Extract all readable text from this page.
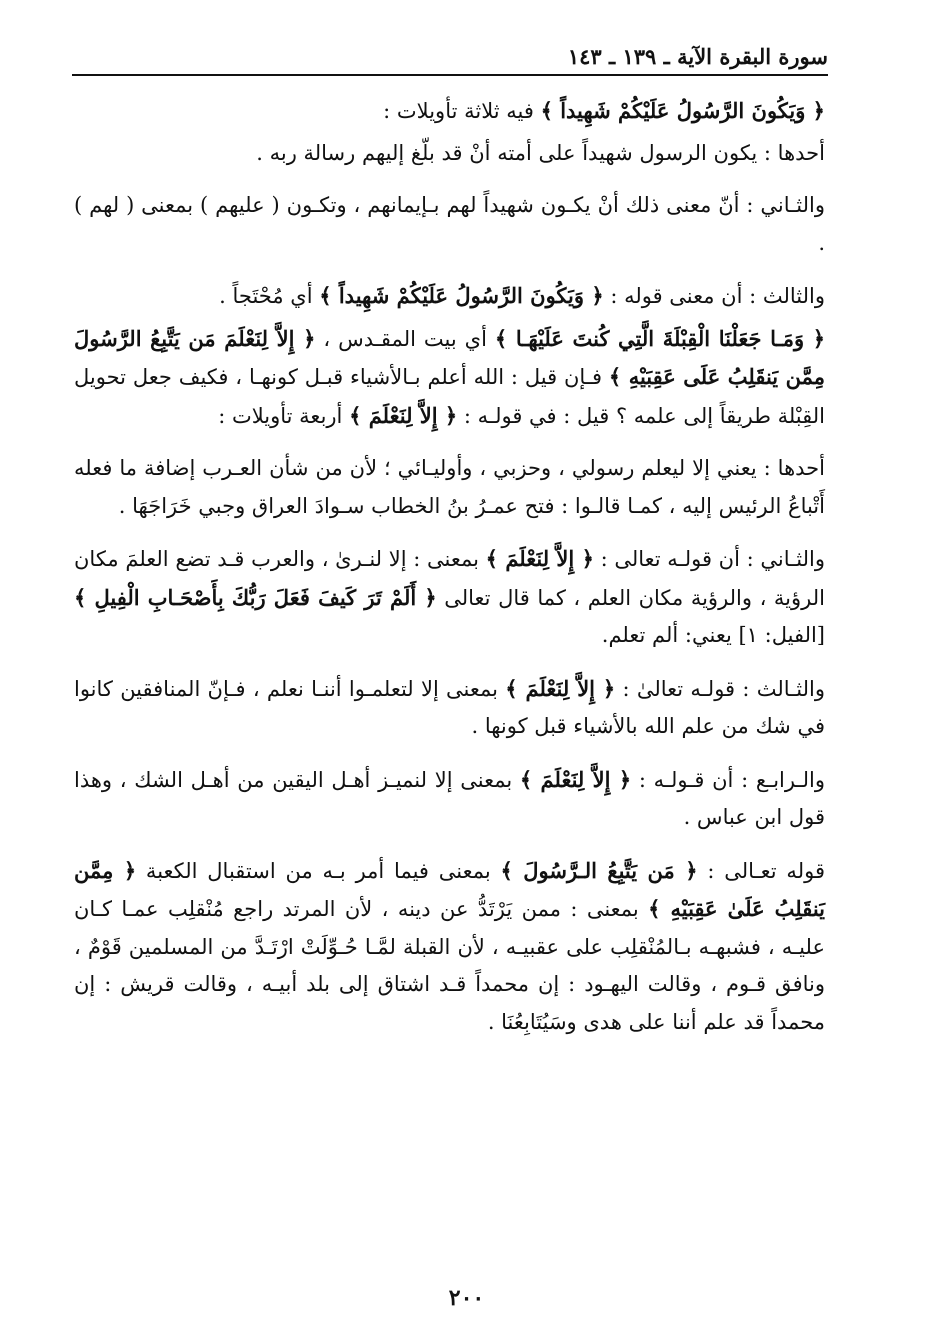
سورة البقرة الآية ـ ١٣٩ ـ ١٤٣

﴿ وَيَكُونَ الرَّسُولُ عَلَيْكُمْ شَهِيداً ﴾ فيه ثلاثة تأويلات :

أحدها : يكون الرسول شهيداً على أمته أنْ قد بلّغ إليهم رسالة ربه .

والثـاني : أنّ معنى ذلك أنْ يكـون شهيداً لهم بـإيمانهم ، وتكـون ( عليهم ) بمعنى ( لهم ) .

والثالث : أن معنى قوله : ﴿ وَيَكُونَ الرَّسُولُ عَلَيْكُمْ شَهِيداً ﴾ أي مُحْتَجاً .

﴿ وَمَـا جَعَلْنَا الْقِبْلَةَ الَّتِي كُنتَ عَلَيْهَـا ﴾ أي بيت المقـدس ، ﴿ إِلاَّ لِنَعْلَمَ مَن يَتَّبِعُ الرَّسُولَ مِمَّن يَنقَلِبُ عَلَى عَقِبَيْهِ ﴾ فـإن قيل : الله أعلم بـالأشياء قبـل كونهـا ، فكيف جعل تحويل القِبْلة طريقاً إلى علمه ؟ قيل : في قولـه : ﴿ إِلاَّ لِنَعْلَمَ ﴾ أربعة تأويلات :

أحدها : يعني إلا ليعلم رسولي ، وحزبي ، وأوليـائي ؛ لأن من شأن العـرب إضافة ما فعله أَتْباعُ الرئيس إليه ، كمـا قالـوا : فتح عمـرُ بنُ الخطاب سـوادَ العراق وجبي خَرَاجَهَا .

والثـاني : أن قولـه تعالى : ﴿ إِلاَّ لِنَعْلَمَ ﴾ بمعنى : إلا لنـرىٰ ، والعرب قـد تضع العلمَ مكان الرؤية ، والرؤية مكان العلم ، كما قال تعالى ﴿ أَلَمْ تَرَ كَيفَ فَعَلَ رَبُّكَ بِأَصْحَـابِ الْفِيلِ ﴾[الفيل: ١] يعني: ألم تعلم.

والثـالث : قولـه تعالىٰ : ﴿ إِلاَّ لِنَعْلَمَ ﴾ بمعنى إلا لتعلمـوا أننـا نعلم ، فـإنّ المنافقين كانوا في شك من علم الله بالأشياء قبل كونها .

والـرابـع : أن قـولـه : ﴿ إِلاَّ لِنَعْلَمَ ﴾ بمعنى إلا لنميـز أهـل اليقين من أهـل الشك ، وهذا قول ابن عباس .

قوله تعـالى : ﴿ مَن يَتَّبِعُ الـرَّسُولَ ﴾ بمعنى فيما أمر بـه من استقبال الكعبة ﴿ مِمَّن يَنقَلِبُ عَلَىٰ عَقِبَيْهِ ﴾ بمعنى : ممن يَرْتَدُّ عن دينه ، لأن المرتد راجع مُنْقلِب عمـا كـان عليـه ، فشبهـه بـالمُنْقلِب على عقبيـه ، لأن القبلة لمَّـا حُـوِّلَتْ ارْتَـدَّ من المسلمين قَوْمٌ ، ونافق قـوم ، وقالت اليهـود : إن محمداً قـد اشتاق إلى بلد أبيـه ، وقالت قريش : إن محمداً قد علم أننا على هدى وسَيُتَابِعُنَا .

٢٠٠
